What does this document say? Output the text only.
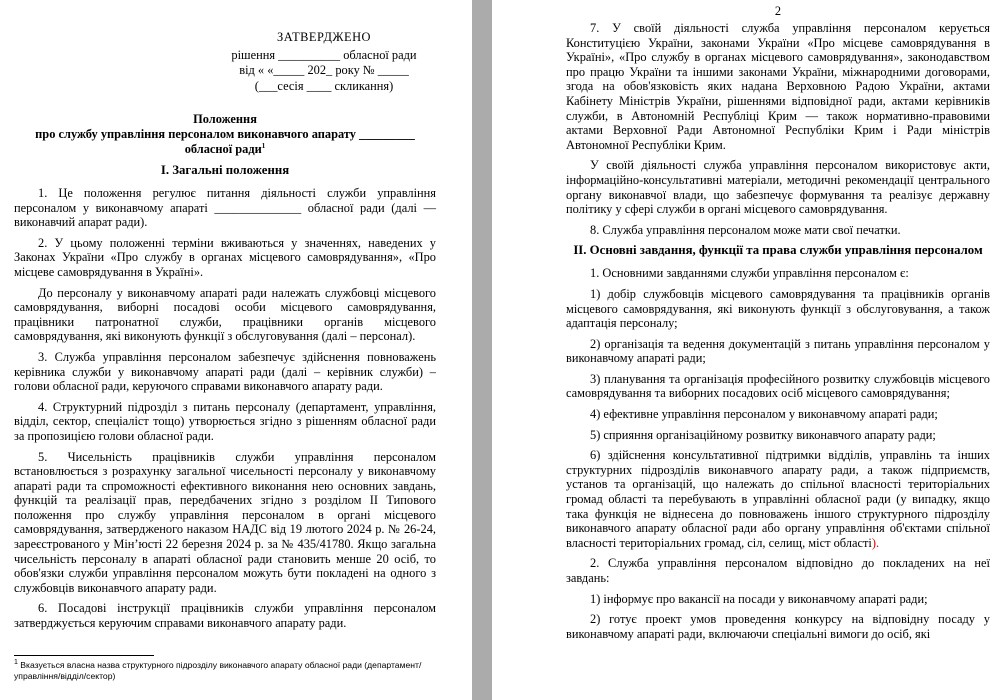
ЗАТВЕРДЖЕНО
рішення __________ обласної ради
від « «_____ 202_ року № _____
(___сесія ____ скликання)

Положення

про службу управління персоналом виконавчого апарату _________

обласної ради$^1$

І. Загальні положення

1. Це положення регулює питання діяльності служби управління персоналом у виконавчому апараті ______________ обласної ради (далі — виконавчий апарат ради).

2. У цьому положенні терміни вживаються у значеннях, наведених у Законах України «Про службу в органах місцевого самоврядування», «Про місцеве самоврядування в Україні».

До персоналу у виконавчому апараті ради належать службовці місцевого самоврядування, виборні посадові особи місцевого самоврядування, працівники патронатної служби, працівники органів місцевого самоврядування, які виконують функції з обслуговування (далі – персонал).

3. Служба управління персоналом забезпечує здійснення повноважень керівника служби у виконавчому апараті ради (далі – керівник служби) – голови обласної ради, керуючого справами виконавчого апарату ради.

4. Структурний підрозділ з питань персоналу (департамент, управління, відділ, сектор, спеціаліст тощо) утворюється згідно з рішенням обласної ради за пропозицією голови обласної ради.

5. Чисельність працівників служби управління персоналом встановлюється з розрахунку загальної чисельності персоналу у виконавчому апараті ради та спроможності ефективного виконання нею основних завдань, функцій та реалізації прав, передбачених згідно з розділом ІІ Типового положення про службу управління персоналом в органі місцевого самоврядування, затвердженого наказом НАДС від 19 лютого 2024 р. № 26-24, зареєстрованого у Мін’юсті 22 березня 2024 р. за № 435/41780. Якщо загальна чисельність персоналу в апараті обласної ради становить менше 20 осіб, то обов'язки служби управління персоналом можуть бути покладені на одного з службовців виконавчого апарату ради.

6. Посадові інструкції працівників служби управління персоналом затверджується керуючим справами виконавчого апарату ради.

$^1$ Вказується власна назва структурного підрозділу виконавчого апарату обласної ради (департамент/управління/відділ/сектор)
2

7. У своїй діяльності служба управління персоналом керується Конституцією України, законами України «Про місцеве самоврядування в Україні», «Про службу в органах місцевого самоврядування», законодавством про працю України та іншими законами України, міжнародними договорами, згода на обов'язковість яких надана Верховною Радою України, актами Кабінету Міністрів України, рішеннями відповідної ради, актами керівників служби, в Автономній Республіці Крим — також нормативно-правовими актами Верховної Ради Автономної Республіки Крим і Ради міністрів Автономної Республіки Крим.

У своїй діяльності служба управління персоналом використовує акти, інформаційно-консультативні матеріали, методичні рекомендації центрального органу виконавчої влади, що забезпечує формування та реалізує державну політику у сфері служби в органі місцевого самоврядування.

8. Служба управління персоналом може мати свої печатки.

ІІ. Основні завдання, функції та права служби управління персоналом

1. Основними завданнями служби управління персоналом є:

1) добір службовців місцевого самоврядування та працівників органів місцевого самоврядування, які виконують функції з обслуговування, а також адаптація персоналу;

2) організація та ведення документацій з питань управління персоналом у виконавчому апараті ради;

3) планування та організація професійного розвитку службовців місцевого самоврядування та виборних посадових осіб місцевого самоврядування;

4) ефективне управління персоналом у виконавчому апараті ради;

5) сприяння організаційному розвитку виконавчого апарату ради;

6) здійснення консультативної підтримки відділів, управлінь та інших структурних підрозділів виконавчого апарату ради, а також підприємств, установ та організацій, що належать до спільної власності територіальних громад області та перебувають в управлінні обласної ради (у випадку, якщо така функція не віднесена до повноважень іншого структурного підрозділу виконавчого апарату обласної ради або органу управління об'єктами спільної власності територіальних громад, сіл, селищ, міст області).

2. Служба управління персоналом відповідно до покладених на неї завдань:

1) інформує про вакансії на посади у виконавчому апараті ради;

2) готує проект умов проведення конкурсу на відповідну посаду у виконавчому апараті ради, включаючи спеціальні вимоги до осіб, які
